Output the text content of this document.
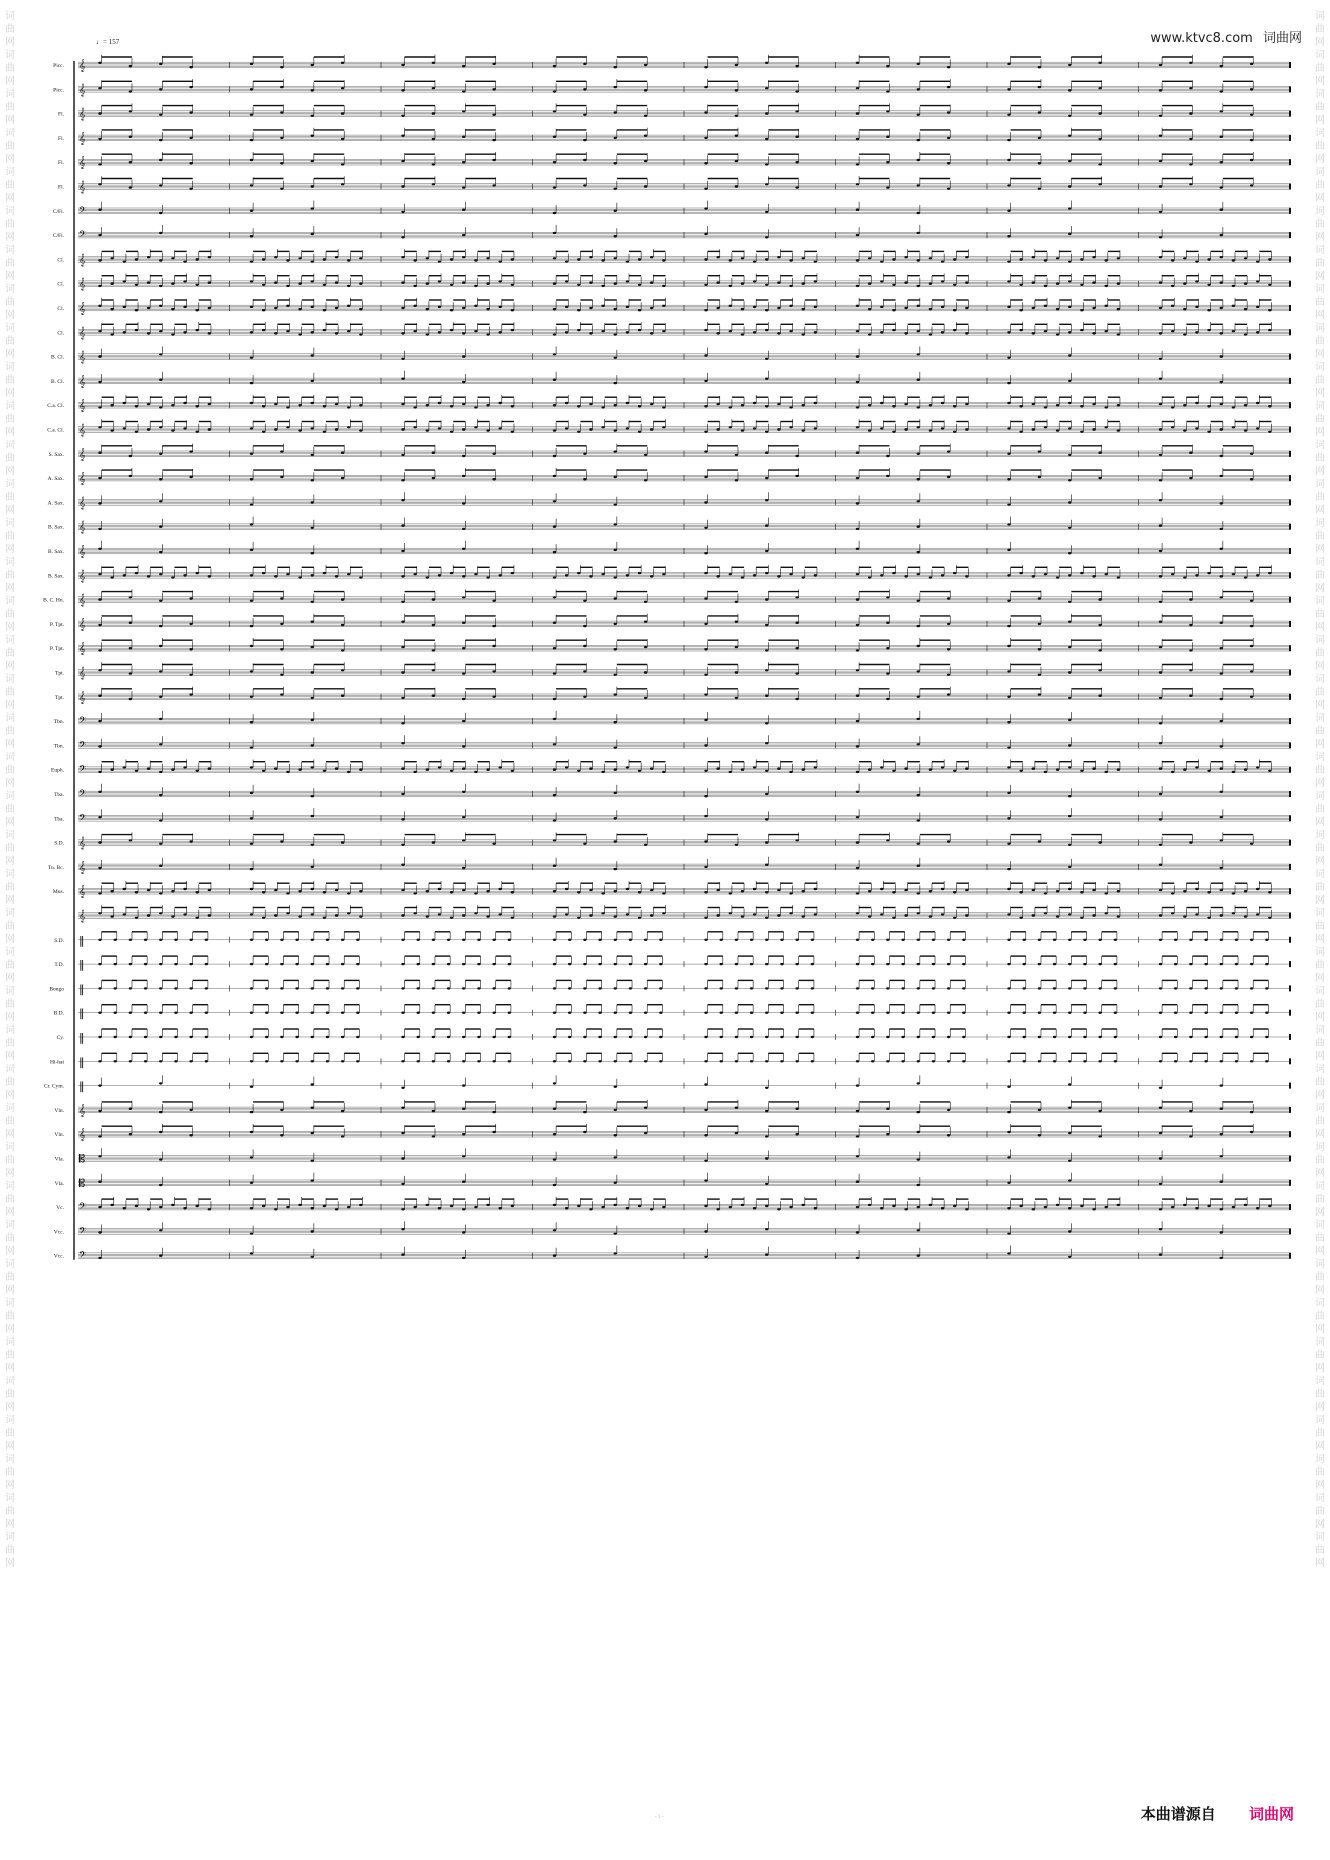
词曲网词曲网词曲网词曲网词曲网词曲网词曲网词曲网词曲网词曲网词曲网词曲网词曲网词曲网词曲网词曲网词曲网词曲网词曲网词曲网词曲网词曲网词曲网词曲网词曲网词曲网词曲网词曲网词曲网词曲网词曲网词曲网词曲网词曲网词曲网词曲网词曲网词曲网词曲网词曲网
词曲网词曲网词曲网词曲网词曲网词曲网词曲网词曲网词曲网词曲网词曲网词曲网词曲网词曲网词曲网词曲网词曲网词曲网词曲网词曲网词曲网词曲网词曲网词曲网词曲网词曲网词曲网词曲网词曲网词曲网词曲网词曲网词曲网词曲网词曲网词曲网词曲网词曲网词曲网词曲网
www.ktvc8.com 词曲网
♩= 157
Picc. 𝄞
Picc. 𝄞
Fl. 𝄞
Fl. 𝄞
Fl. 𝄞
Fl. 𝄞
C/Fl. 𝄢
C/Fl. 𝄢
Cl. 𝄞
Cl. 𝄞
Cl. 𝄞
Cl. 𝄞
B. Cl. 𝄞
B. Cl. 𝄞
C.a. Cl. 𝄞
C.a. Cl. 𝄞
S. Sax. 𝄞
A. Sax. 𝄞
A. Sax. 𝄞
B. Sax. 𝄞
B. Sax. 𝄞
B. Sax. 𝄞
B. C. Hn. 𝄞
P. Tpt. 𝄞
P. Tpt. 𝄞
Tpt. 𝄞
Tpt. 𝄞
Tbn. 𝄢
Tbn. 𝄢
Euph. 𝄢
Tba. 𝄢
Tba. 𝄢
S.D. 𝄞
Tu. Bc. 𝄞
Mus. 𝄞
𝄞
S.D. ‖
T.D. ‖
Bongo ‖
B.D. ‖
Cy. ‖
Hi-hat ‖
Cr. Cym. ‖
Vln. 𝄞
Vln. 𝄞
Vla. 𝄡
Vla. 𝄡
Vc. 𝄢
Vcc. 𝄢
Vcc. 𝄢
- 1 -	本曲谱源自 词曲网
